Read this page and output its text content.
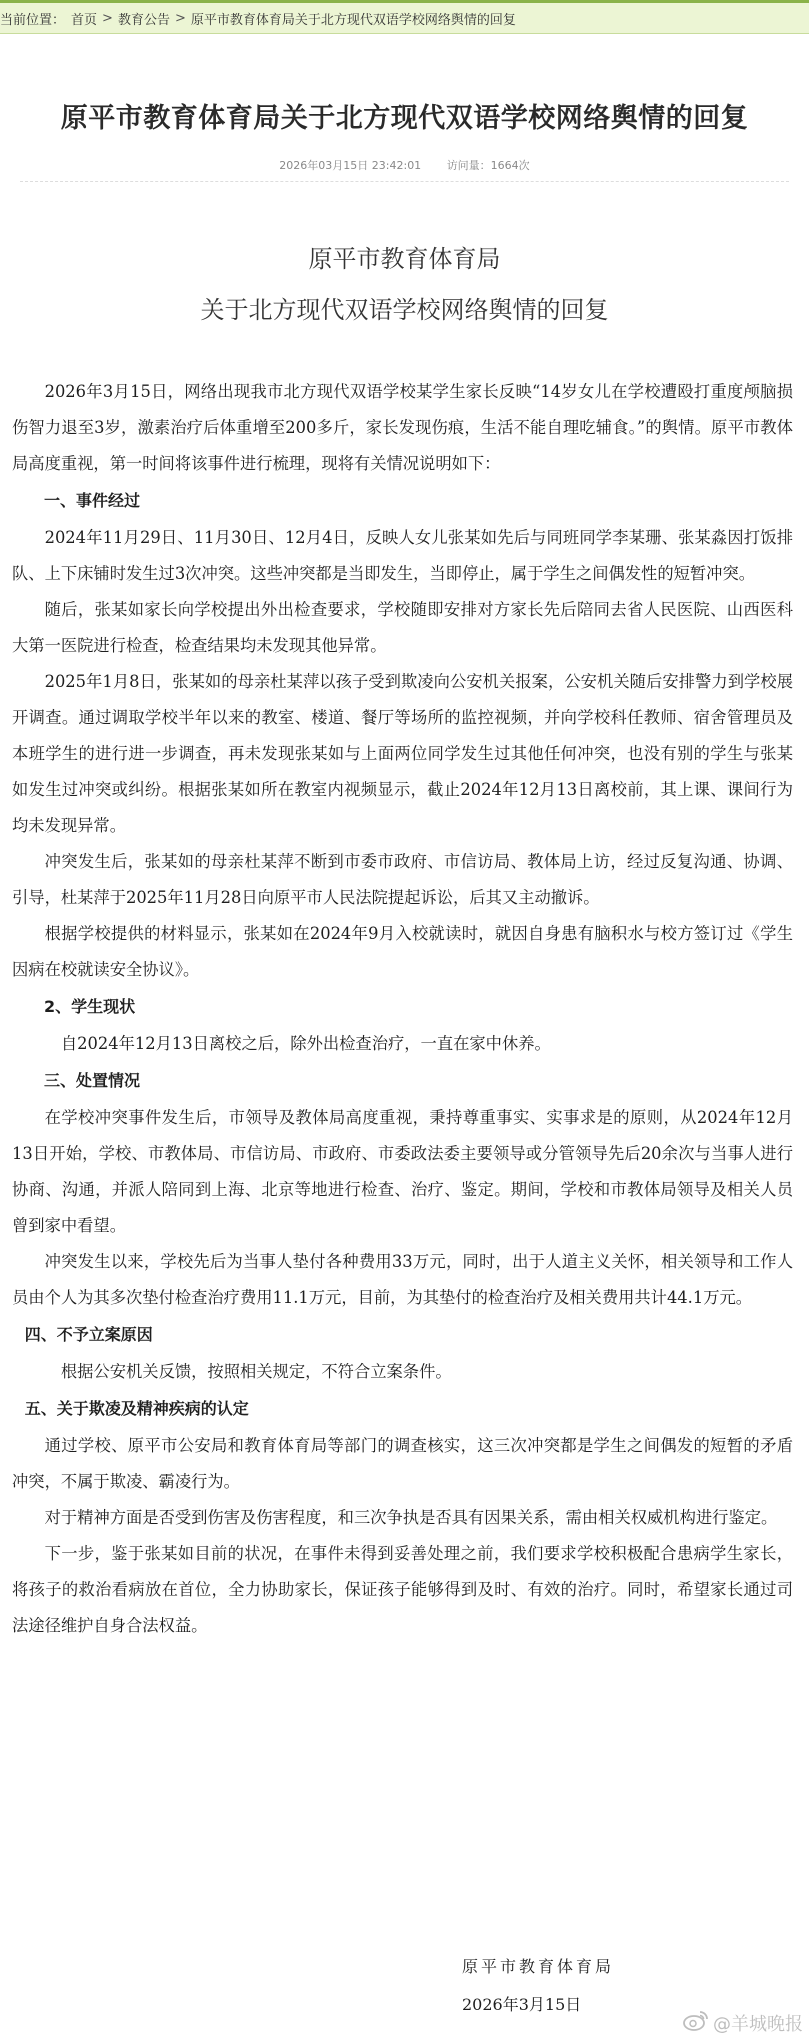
当前位置： 首页 > 教育公告 > 原平市教育体育局关于北方现代双语学校网络舆情的回复
原平市教育体育局关于北方现代双语学校网络舆情的回复
2026年03月15日 23:42:01 访问量：1664次
原平市教育体育局
关于北方现代双语学校网络舆情的回复

2026年3月15日，网络出现我市北方现代双语学校某学生家长反映“14岁女儿在学校遭殴打重度颅脑损伤智力退至3岁，激素治疗后体重增至200多斤，家长发现伤痕，生活不能自理吃辅食。”的舆情。原平市教体局高度重视，第一时间将该事件进行梳理，现将有关情况说明如下：

一、事件经过

2024年11月29日、11月30日、12月4日，反映人女儿张某如先后与同班同学李某珊、张某淼因打饭排队、上下床铺时发生过3次冲突。这些冲突都是当即发生，当即停止，属于学生之间偶发性的短暂冲突。

随后，张某如家长向学校提出外出检查要求，学校随即安排对方家长先后陪同去省人民医院、山西医科大第一医院进行检查，检查结果均未发现其他异常。

2025年1月8日，张某如的母亲杜某萍以孩子受到欺凌向公安机关报案，公安机关随后安排警力到学校展开调查。通过调取学校半年以来的教室、楼道、餐厅等场所的监控视频，并向学校科任教师、宿舍管理员及本班学生的进行进一步调查，再未发现张某如与上面两位同学发生过其他任何冲突，也没有别的学生与张某如发生过冲突或纠纷。根据张某如所在教室内视频显示，截止2024年12月13日离校前，其上课、课间行为均未发现异常。

冲突发生后，张某如的母亲杜某萍不断到市委市政府、市信访局、教体局上访，经过反复沟通、协调、引导，杜某萍于2025年11月28日向原平市人民法院提起诉讼，后其又主动撤诉。

根据学校提供的材料显示，张某如在2024年9月入校就读时，就因自身患有脑积水与校方签订过《学生因病在校就读安全协议》。

2、学生现状

自2024年12月13日离校之后，除外出检查治疗，一直在家中休养。

三、处置情况

在学校冲突事件发生后，市领导及教体局高度重视，秉持尊重事实、实事求是的原则，从2024年12月13日开始，学校、市教体局、市信访局、市政府、市委政法委主要领导或分管领导先后20余次与当事人进行协商、沟通，并派人陪同到上海、北京等地进行检查、治疗、鉴定。期间，学校和市教体局领导及相关人员曾到家中看望。

冲突发生以来，学校先后为当事人垫付各种费用33万元，同时，出于人道主义关怀，相关领导和工作人员由个人为其多次垫付检查治疗费用11.1万元，目前，为其垫付的检查治疗及相关费用共计44.1万元。

四、不予立案原因

根据公安机关反馈，按照相关规定，不符合立案条件。

五、关于欺凌及精神疾病的认定

通过学校、原平市公安局和教育体育局等部门的调查核实，这三次冲突都是学生之间偶发的短暂的矛盾冲突，不属于欺凌、霸凌行为。

对于精神方面是否受到伤害及伤害程度，和三次争执是否具有因果关系，需由相关权威机构进行鉴定。

下一步，鉴于张某如目前的状况，在事件未得到妥善处理之前，我们要求学校积极配合患病学生家长，将孩子的救治看病放在首位，全力协助家长，保证孩子能够得到及时、有效的治疗。同时，希望家长通过司法途径维护自身合法权益。

原平市教育体育局
2026年3月15日
@羊城晚报
